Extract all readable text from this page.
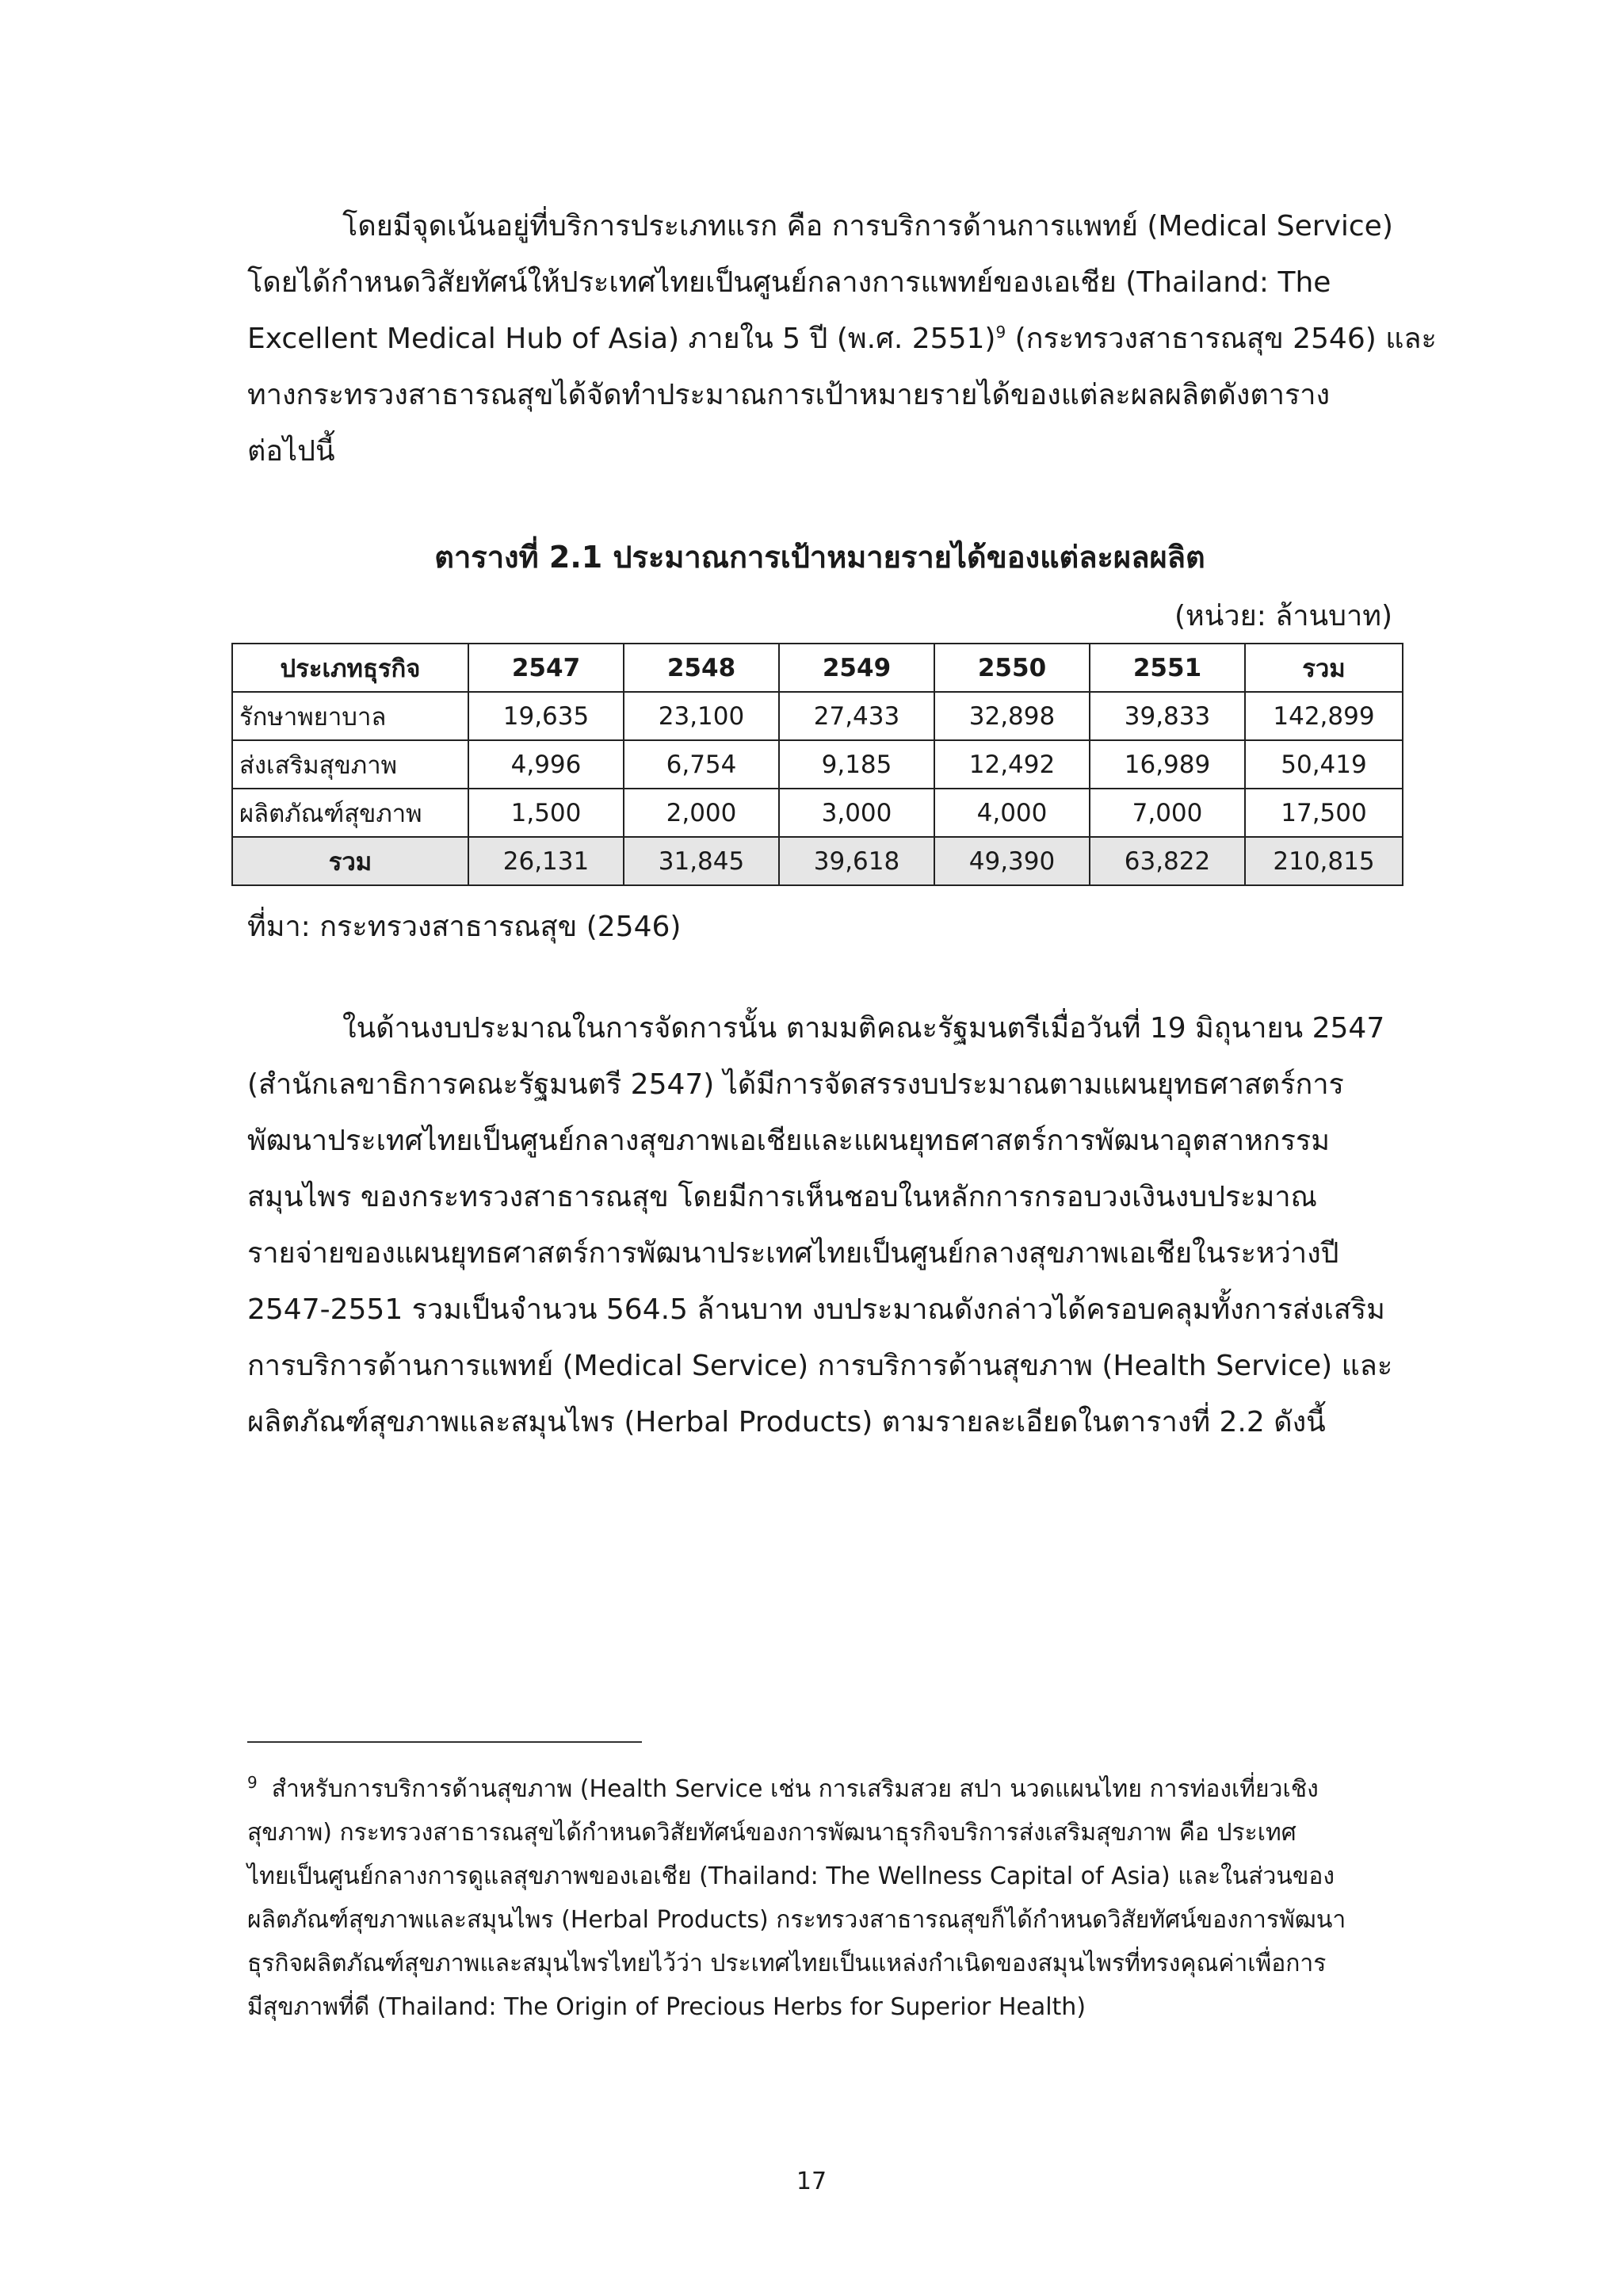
โดยมีจุดเน้นอยู่ที่บริการประเภทแรก คือ การบริการด้านการแพทย์ (Medical Service)
โดยได้กำหนดวิสัยทัศน์ให้ประเทศไทยเป็นศูนย์กลางการแพทย์ของเอเชีย (Thailand: The
Excellent Medical Hub of Asia) ภายใน 5 ปี (พ.ศ. 2551)$^9$ (กระทรวงสาธารณสุข 2546) และ
ทางกระทรวงสาธารณสุขได้จัดทำประมาณการเป้าหมายรายได้ของแต่ละผลผลิตดังตาราง
ต่อไปนี้
ตารางที่ 2.1 ประมาณการเป้าหมายรายได้ของแต่ละผลผลิต
(หน่วย: ล้านบาท)
ประเภทธุรกิจ	2547	2548	2549	2550	2551	รวม
รักษาพยาบาล	19,635	23,100	27,433	32,898	39,833	142,899
ส่งเสริมสุขภาพ	4,996	6,754	9,185	12,492	16,989	50,419
ผลิตภัณฑ์สุขภาพ	1,500	2,000	3,000	4,000	7,000	17,500
รวม	26,131	31,845	39,618	49,390	63,822	210,815
ที่มา: กระทรวงสาธารณสุข (2546)
ในด้านงบประมาณในการจัดการนั้น ตามมติคณะรัฐมนตรีเมื่อวันที่ 19 มิถุนายน 2547
(สำนักเลขาธิการคณะรัฐมนตรี 2547) ได้มีการจัดสรรงบประมาณตามแผนยุทธศาสตร์การ
พัฒนาประเทศไทยเป็นศูนย์กลางสุขภาพเอเชียและแผนยุทธศาสตร์การพัฒนาอุตสาหกรรม
สมุนไพร ของกระทรวงสาธารณสุข โดยมีการเห็นชอบในหลักการกรอบวงเงินงบประมาณ
รายจ่ายของแผนยุทธศาสตร์การพัฒนาประเทศไทยเป็นศูนย์กลางสุขภาพเอเชียในระหว่างปี
2547-2551 รวมเป็นจำนวน 564.5 ล้านบาท งบประมาณดังกล่าวได้ครอบคลุมทั้งการส่งเสริม
การบริการด้านการแพทย์ (Medical Service) การบริการด้านสุขภาพ (Health Service) และ
ผลิตภัณฑ์สุขภาพและสมุนไพร (Herbal Products) ตามรายละเอียดในตารางที่ 2.2 ดังนี้
$^9$ สำหรับการบริการด้านสุขภาพ (Health Service เช่น การเสริมสวย สปา นวดแผนไทย การท่องเที่ยวเชิง
สุขภาพ) กระทรวงสาธารณสุขได้กำหนดวิสัยทัศน์ของการพัฒนาธุรกิจบริการส่งเสริมสุขภาพ คือ ประเทศ
ไทยเป็นศูนย์กลางการดูแลสุขภาพของเอเชีย (Thailand: The Wellness Capital of Asia) และในส่วนของ
ผลิตภัณฑ์สุขภาพและสมุนไพร (Herbal Products) กระทรวงสาธารณสุขก็ได้กำหนดวิสัยทัศน์ของการพัฒนา
ธุรกิจผลิตภัณฑ์สุขภาพและสมุนไพรไทยไว้ว่า ประเทศไทยเป็นแหล่งกำเนิดของสมุนไพรที่ทรงคุณค่าเพื่อการ
มีสุขภาพที่ดี (Thailand: The Origin of Precious Herbs for Superior Health)
17
